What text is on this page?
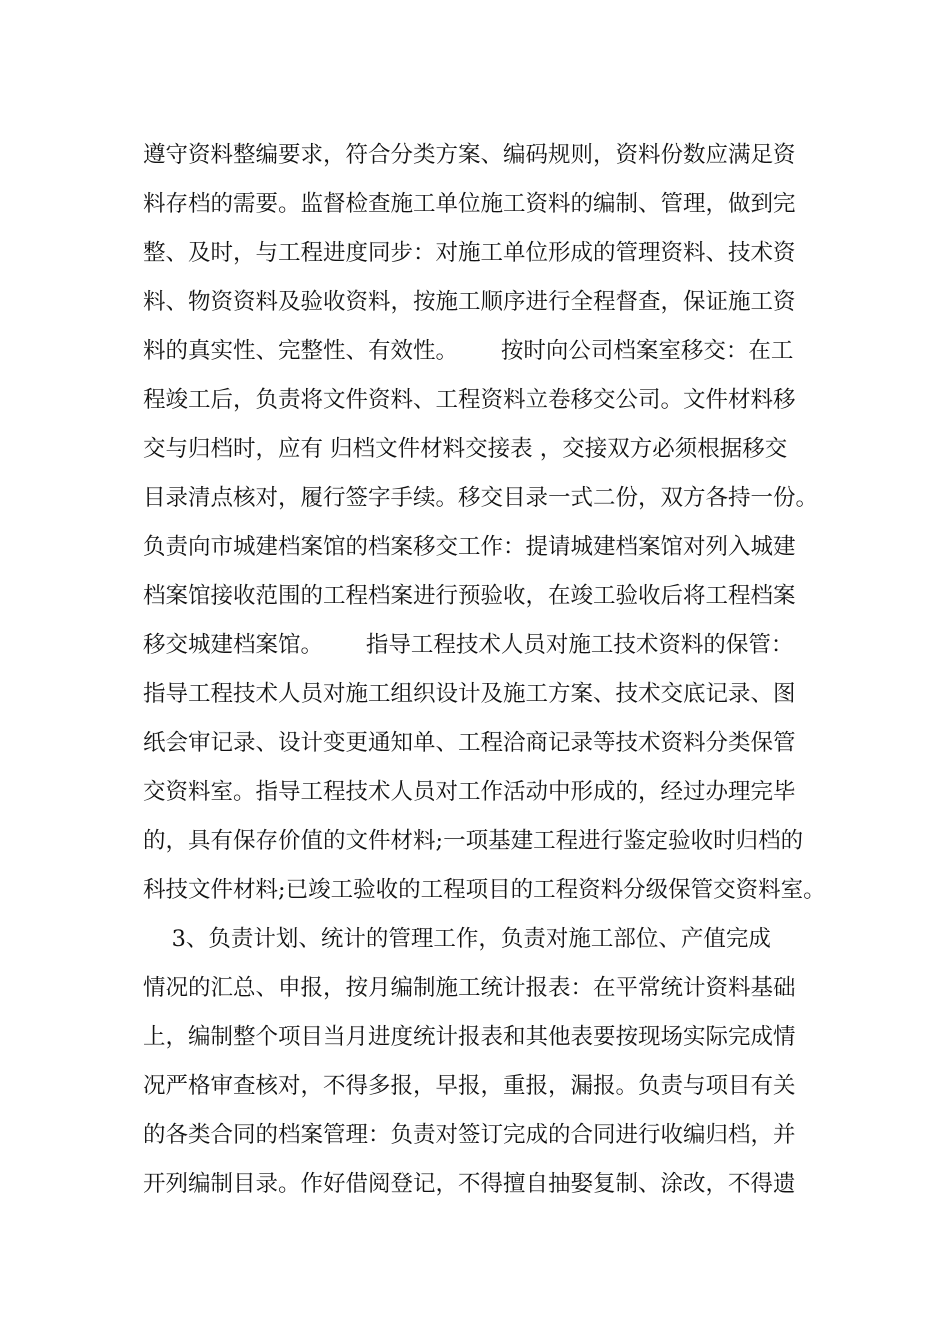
遵守资料整编要求，符合分类方案、编码规则，资料份数应满足资
料存档的需要。监督检查施工单位施工资料的编制、管理，做到完
整、及时，与工程进度同步：对施工单位形成的管理资料、技术资
料、物资资料及验收资料，按施工顺序进行全程督查，保证施工资
料的真实性、完整性、有效性。      按时向公司档案室移交：在工
程竣工后，负责将文件资料、工程资料立卷移交公司。文件材料移
交与归档时，应有 归档文件材料交接表 ，交接双方必须根据移交
目录清点核对，履行签字手续。移交目录一式二份，双方各持一份。
负责向市城建档案馆的档案移交工作：提请城建档案馆对列入城建
档案馆接收范围的工程档案进行预验收，在竣工验收后将工程档案
移交城建档案馆。      指导工程技术人员对施工技术资料的保管：
指导工程技术人员对施工组织设计及施工方案、技术交底记录、图
纸会审记录、设计变更通知单、工程洽商记录等技术资料分类保管
交资料室。指导工程技术人员对工作活动中形成的，经过办理完毕
的，具有保存价值的文件材料;一项基建工程进行鉴定验收时归档的
科技文件材料;已竣工验收的工程项目的工程资料分级保管交资料室。
3、负责计划、统计的管理工作，负责对施工部位、产值完成
情况的汇总、申报，按月编制施工统计报表：在平常统计资料基础
上，编制整个项目当月进度统计报表和其他表要按现场实际完成情
况严格审查核对，不得多报，早报，重报，漏报。负责与项目有关
的各类合同的档案管理：负责对签订完成的合同进行收编归档，并
开列编制目录。作好借阅登记，不得擅自抽娶复制、涂改，不得遗
